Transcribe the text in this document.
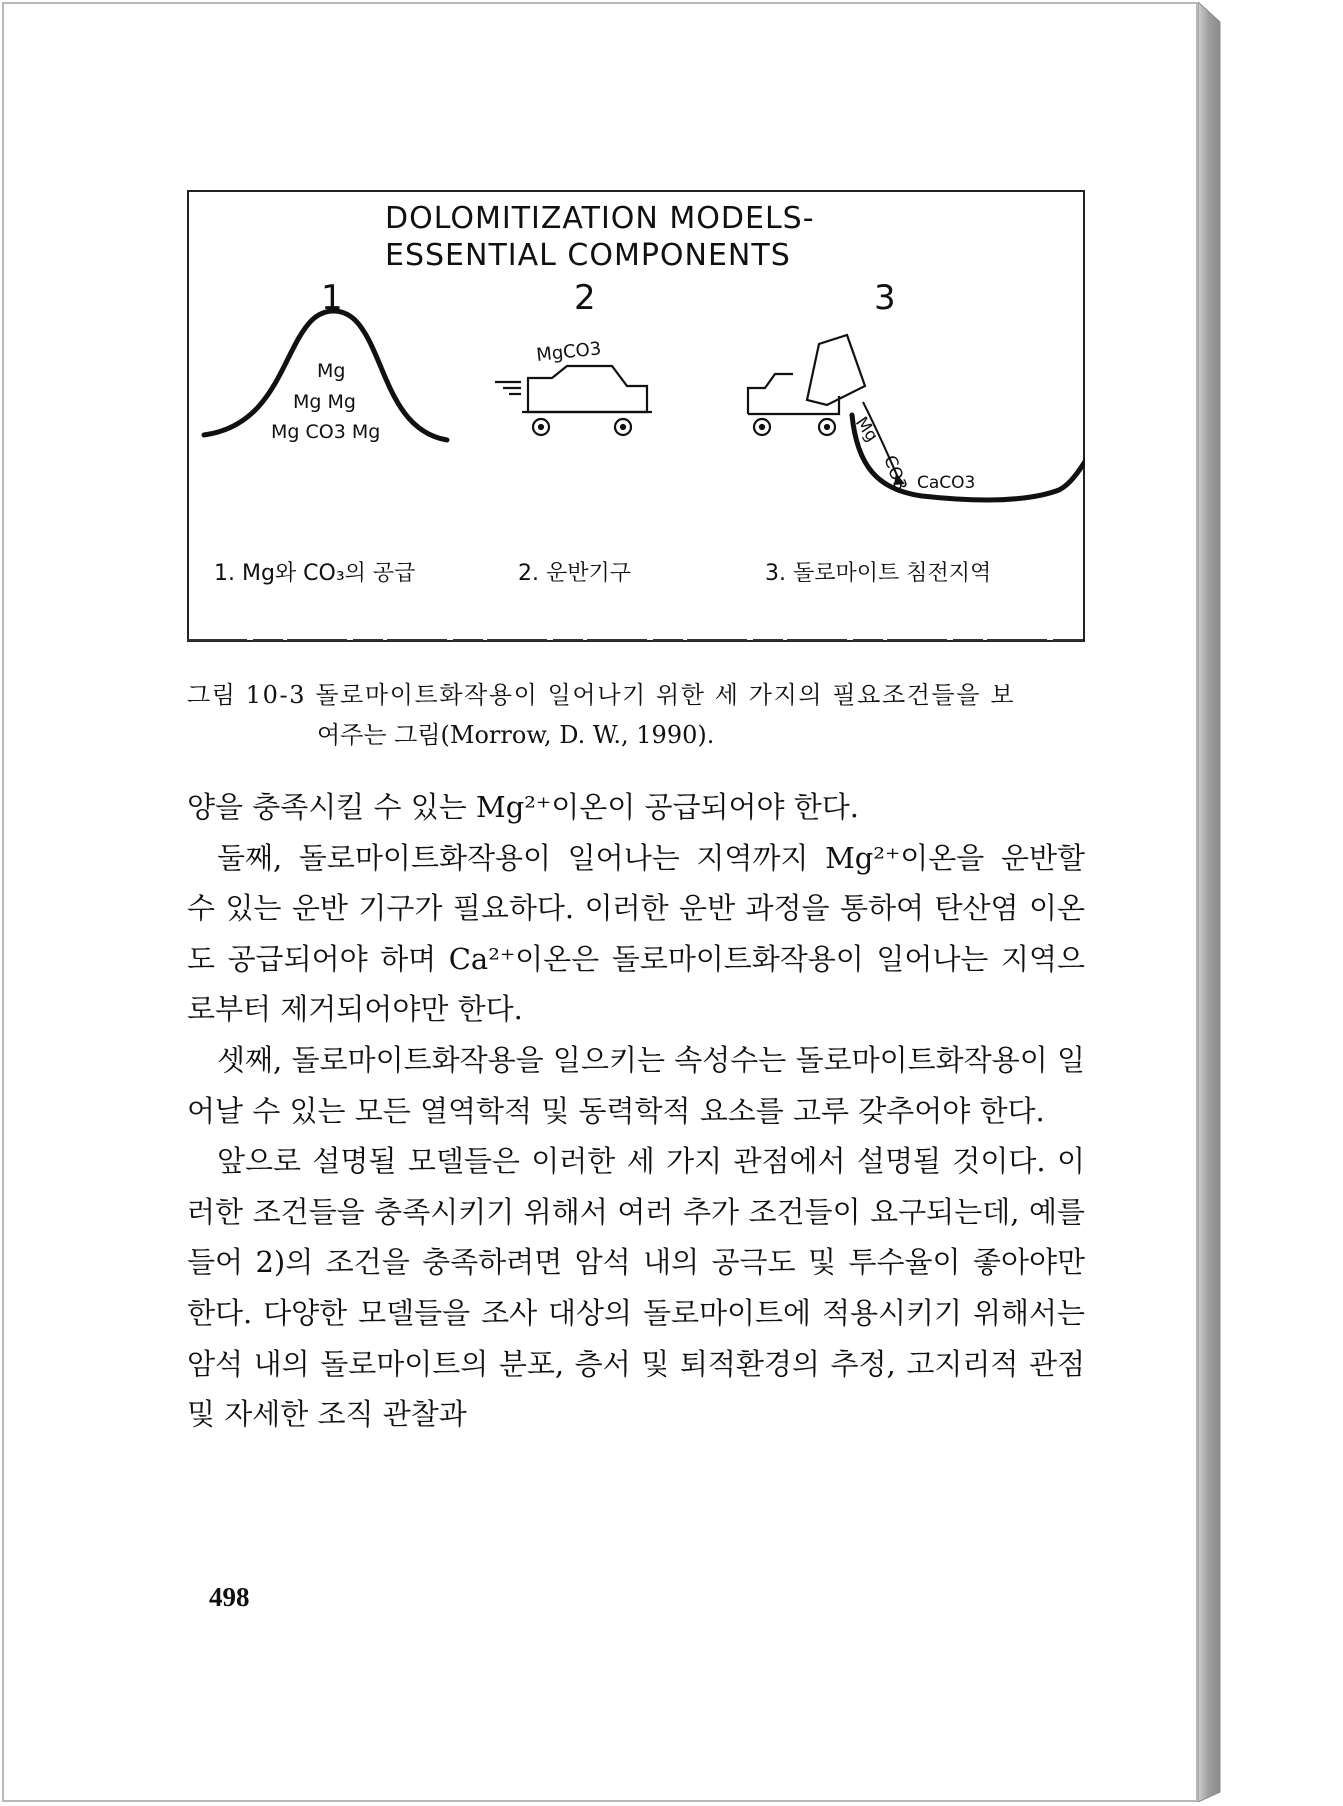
DOLOMITIZATION MODELS-
ESSENTIAL COMPONENTS
1	2	3
Mg
Mg Mg
Mg CO3 Mg
MgCO3
Mg
CO3 CaCO3
1. Mg와 CO₃의 공급	2. 운반기구	3. 돌로마이트 침전지역
그림 10-3 돌로마이트화작용이 일어나기 위한 세 가지의 필요조건들을 보
여주는 그림(Morrow, D. W., 1990).

양을 충족시킬 수 있는 Mg²⁺이온이 공급되어야 한다.

둘째, 돌로마이트화작용이 일어나는 지역까지 Mg²⁺이온을 운반할 수 있는 운반 기구가 필요하다. 이러한 운반 과정을 통하여 탄산염 이온도 공급되어야 하며 Ca²⁺이온은 돌로마이트화작용이 일어나는 지역으로부터 제거되어야만 한다.

셋째, 돌로마이트화작용을 일으키는 속성수는 돌로마이트화작용이 일어날 수 있는 모든 열역학적 및 동력학적 요소를 고루 갖추어야 한다.

앞으로 설명될 모델들은 이러한 세 가지 관점에서 설명될 것이다. 이러한 조건들을 충족시키기 위해서 여러 추가 조건들이 요구되는데, 예를 들어 2)의 조건을 충족하려면 암석 내의 공극도 및 투수율이 좋아야만 한다. 다양한 모델들을 조사 대상의 돌로마이트에 적용시키기 위해서는 암석 내의 돌로마이트의 분포, 층서 및 퇴적환경의 추정, 고지리적 관점 및 자세한 조직 관찰과

498
